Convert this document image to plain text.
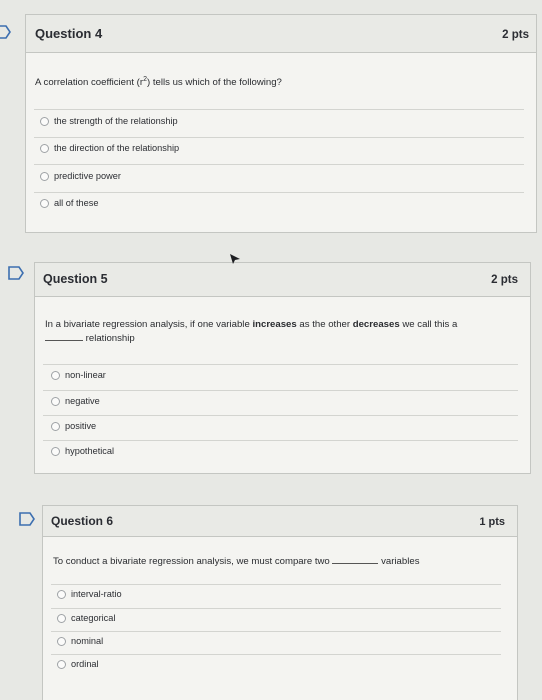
Question 4	2 pts
A correlation coefficient $(r^2)$ tells us which of the following?
the strength of the relationship
the direction of the relationship
predictive power
all of these
Question 5	2 pts
In a bivariate regression analysis, if one variable increases as the other decreases we call this a
relationship
non-linear
negative
positive
hypothetical
Question 6	1 pts
To conduct a bivariate regression analysis, we must compare two	variables
interval-ratio
categorical
nominal
ordinal
